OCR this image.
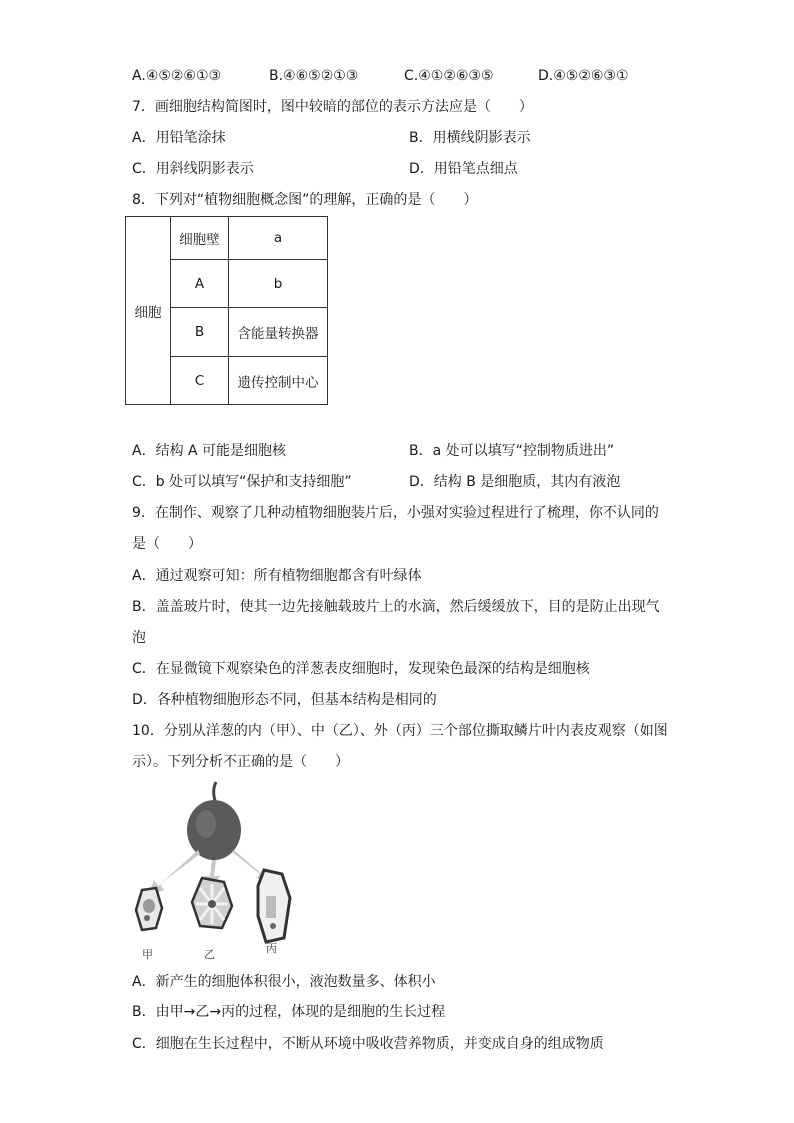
A.④⑤②⑥①③	B.④⑥⑤②①③	C.④①②⑥③⑤	D.④⑤②⑥③①
7．画细胞结构简图时，图中较暗的部位的表示方法应是（　　）
A．用铅笔涂抹	B．用横线阴影表示
C．用斜线阴影表示	D．用铅笔点细点
8．下列对“植物细胞概念图”的理解，正确的是（　　）
细胞	细胞壁	a
	A	b
	B	含能量转换器
	C	遗传控制中心
A．结构 A 可能是细胞核	B．a 处可以填写“控制物质进出”
C．b 处可以填写“保护和支持细胞”	D．结构 B 是细胞质，其内有液泡
9．在制作、观察了几种动植物细胞装片后，小强对实验过程进行了梳理，你不认同的
是（　　）
A．通过观察可知：所有植物细胞都含有叶绿体
B．盖盖玻片时，使其一边先接触载玻片上的水滴，然后缓缓放下，目的是防止出现气
泡
C．在显微镜下观察染色的洋葱表皮细胞时，发现染色最深的结构是细胞核
D．各种植物细胞形态不同，但基本结构是相同的
10．分别从洋葱的内（甲）、中（乙）、外（丙）三个部位撕取鳞片叶内表皮观察（如图
示）。下列分析不正确的是（　　）
甲	乙	丙
A．新产生的细胞体积很小，液泡数量多、体积小
B．由甲→乙→丙的过程，体现的是细胞的生长过程
C．细胞在生长过程中，不断从环境中吸收营养物质，并变成自身的组成物质
